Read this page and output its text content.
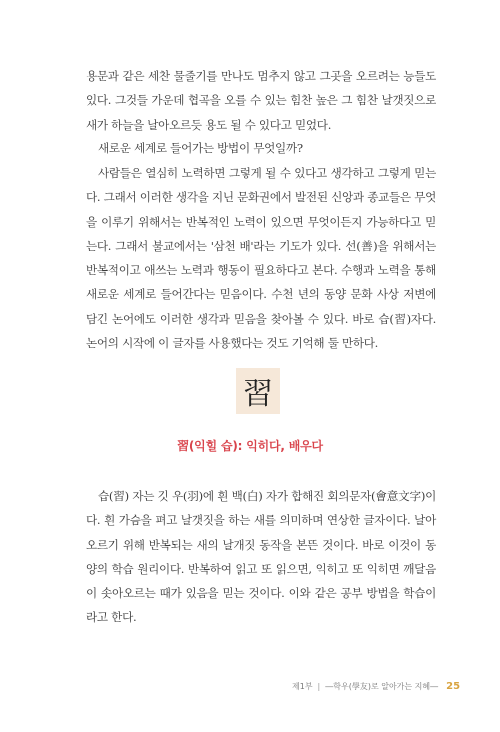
용문과 같은 세찬 물줄기를 만나도 멈추지 않고 그곳을 오르려는 능들도 있다. 그것들 가운데 협곡을 오를 수 있는 힘찬 높은 그 힘찬 날갯짓으로 새가 하늘을 날아오르듯 용도 될 수 있다고 믿었다.

새로운 세계로 들어가는 방법이 무엇일까?

사람들은 열심히 노력하면 그렇게 될 수 있다고 생각하고 그렇게 믿는다. 그래서 이러한 생각을 지닌 문화권에서 발전된 신앙과 종교들은 무엇을 이루기 위해서는 반복적인 노력이 있으면 무엇이든지 가능하다고 믿는다. 그래서 불교에서는 '삼천 배'라는 기도가 있다. 선(善)을 위해서는 반복적이고 애쓰는 노력과 행동이 필요하다고 본다. 수행과 노력을 통해 새로운 세계로 들어간다는 믿음이다. 수천 년의 동양 문화 사상 저변에 담긴 논어에도 이러한 생각과 믿음을 찾아볼 수 있다. 바로 습(習)자다. 논어의 시작에 이 글자를 사용했다는 것도 기억해 둘 만하다.

習
習(익힐 습): 익히다, 배우다

습(習) 자는 깃 우(羽)에 흰 백(白) 자가 합해진 회의문자(會意文字)이다. 흰 가슴을 펴고 날갯짓을 하는 새를 의미하며 연상한 글자이다. 날아오르기 위해 반복되는 새의 날개짓 동작을 본뜬 것이다. 바로 이것이 동양의 학습 원리이다. 반복하여 읽고 또 읽으면, 익히고 또 익히면 깨달음이 솟아오르는 때가 있음을 믿는 것이다. 이와 같은 공부 방법을 학습이라고 한다.

제1부 | ―학우(學友)로 알아가는 지혜― 25
